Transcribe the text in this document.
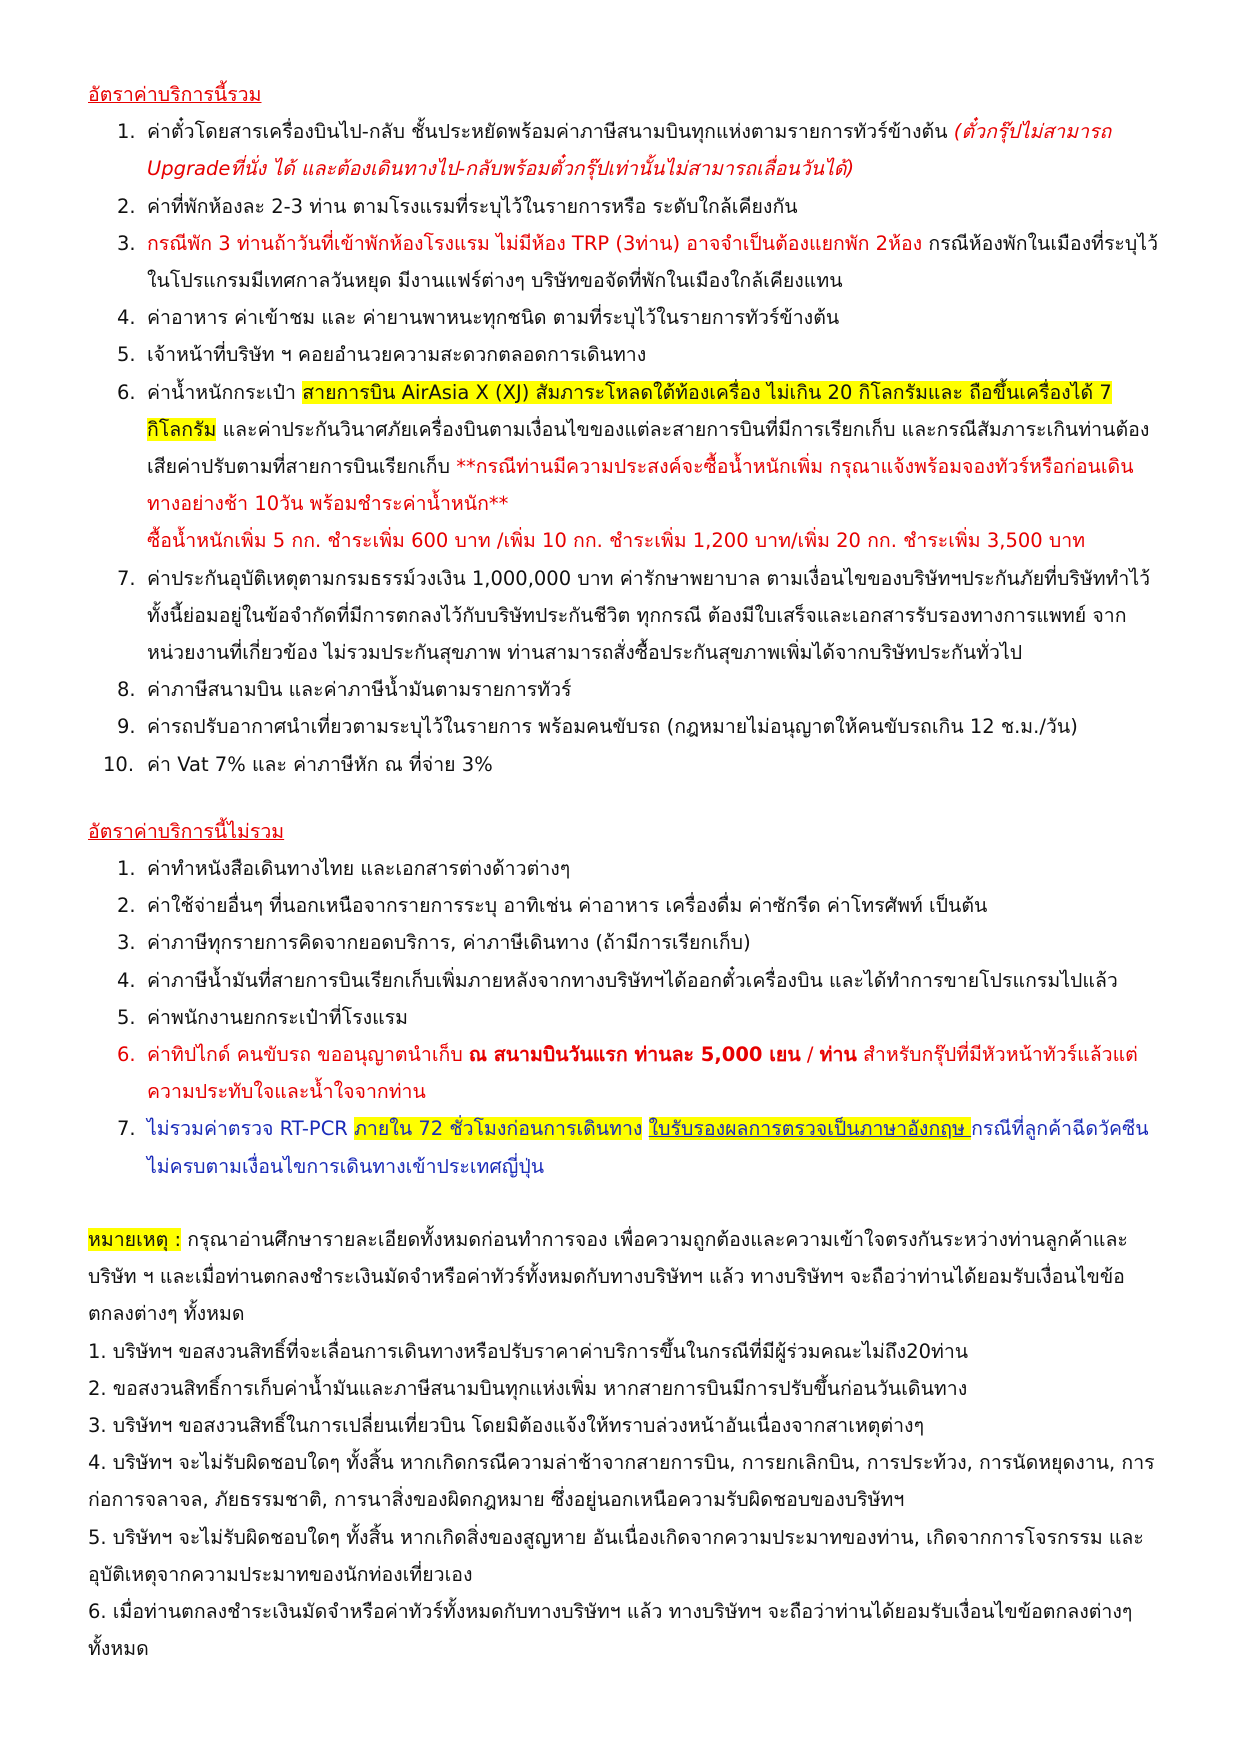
อัตราค่าบริการนี้รวม
1. ค่าตั๋วโดยสารเครื่องบินไป-กลับ ชั้นประหยัดพร้อมค่าภาษีสนามบินทุกแห่งตามรายการทัวร์ข้างต้น (ตั๋วกรุ๊ปไม่สามารถ Upgradeที่นั่ง ได้ และต้องเดินทางไป-กลับพร้อมตั๋วกรุ๊ปเท่านั้นไม่สามารถเลื่อนวันได้)
2. ค่าที่พักห้องละ 2-3 ท่าน ตามโรงแรมที่ระบุไว้ในรายการหรือ ระดับใกล้เคียงกัน
3. กรณีพัก 3 ท่านถ้าวันที่เข้าพักห้องโรงแรม ไม่มีห้อง TRP (3ท่าน) อาจจำเป็นต้องแยกพัก 2ห้อง กรณีห้องพักในเมืองที่ระบุไว้ในโปรแกรมมีเทศกาลวันหยุด มีงานแฟร์ต่างๆ บริษัทขอจัดที่พักในเมืองใกล้เคียงแทน
4. ค่าอาหาร ค่าเข้าชม และ ค่ายานพาหนะทุกชนิด ตามที่ระบุไว้ในรายการทัวร์ข้างต้น
5. เจ้าหน้าที่บริษัท ฯ คอยอำนวยความสะดวกตลอดการเดินทาง
6. ค่าน้ำหนักกระเป๋า สายการบิน AirAsia X (XJ) สัมภาระโหลดใต้ท้องเครื่อง ไม่เกิน 20 กิโลกรัมและ ถือขึ้นเครื่องได้ 7 กิโลกรัม และค่าประกันวินาศภัยเครื่องบินตามเงื่อนไขของแต่ละสายการบินที่มีการเรียกเก็บ และกรณีสัมภาระเกินท่านต้องเสียค่าปรับตามที่สายการบินเรียกเก็บ **กรณีท่านมีความประสงค์จะซื้อน้ำหนักเพิ่ม กรุณาแจ้งพร้อมจองทัวร์หรือก่อนเดินทางอย่างช้า 10วัน พร้อมชำระค่าน้ำหนัก**
ซื้อน้ำหนักเพิ่ม 5 กก. ชำระเพิ่ม 600 บาท /เพิ่ม 10 กก. ชำระเพิ่ม 1,200 บาท/เพิ่ม 20 กก. ชำระเพิ่ม 3,500 บาท
7. ค่าประกันอุบัติเหตุตามกรมธรรม์วงเงิน 1,000,000 บาท ค่ารักษาพยาบาล ตามเงื่อนไขของบริษัทฯประกันภัยที่บริษัททำไว้ ทั้งนี้ย่อมอยู่ในข้อจำกัดที่มีการตกลงไว้กับบริษัทประกันชีวิต ทุกกรณี ต้องมีใบเสร็จและเอกสารรับรองทางการแพทย์ จากหน่วยงานที่เกี่ยวข้อง ไม่รวมประกันสุขภาพ ท่านสามารถสั่งซื้อประกันสุขภาพเพิ่มได้จากบริษัทประกันทั่วไป
8. ค่าภาษีสนามบิน และค่าภาษีน้ำมันตามรายการทัวร์
9. ค่ารถปรับอากาศนำเที่ยวตามระบุไว้ในรายการ พร้อมคนขับรถ (กฎหมายไม่อนุญาตให้คนขับรถเกิน 12 ช.ม./วัน)
10. ค่า Vat 7% และ ค่าภาษีหัก ณ ที่จ่าย 3%
อัตราค่าบริการนี้ไม่รวม
1. ค่าทำหนังสือเดินทางไทย และเอกสารต่างด้าวต่างๆ
2. ค่าใช้จ่ายอื่นๆ ที่นอกเหนือจากรายการระบุ อาทิเช่น ค่าอาหาร เครื่องดื่ม ค่าซักรีด ค่าโทรศัพท์ เป็นต้น
3. ค่าภาษีทุกรายการคิดจากยอดบริการ, ค่าภาษีเดินทาง (ถ้ามีการเรียกเก็บ)
4. ค่าภาษีน้ำมันที่สายการบินเรียกเก็บเพิ่มภายหลังจากทางบริษัทฯได้ออกตั๋วเครื่องบิน และได้ทำการขายโปรแกรมไปแล้ว
5. ค่าพนักงานยกกระเป๋าที่โรงแรม
6. ค่าทิปไกด์ คนขับรถ ขออนุญาตนำเก็บ ณ สนามบินวันแรก ท่านละ 5,000 เยน / ท่าน สำหรับกรุ๊ปที่มีหัวหน้าทัวร์แล้วแต่ความประทับใจและน้ำใจจากท่าน
7. ไม่รวมค่าตรวจ RT-PCR ภายใน 72 ชั่วโมงก่อนการเดินทาง ใบรับรองผลการตรวจเป็นภาษาอังกฤษ กรณีที่ลูกค้าฉีดวัคซีนไม่ครบตามเงื่อนไขการเดินทางเข้าประเทศญี่ปุ่น

หมายเหตุ : กรุณาอ่านศึกษารายละเอียดทั้งหมดก่อนทำการจอง เพื่อความถูกต้องและความเข้าใจตรงกันระหว่างท่านลูกค้าและ บริษัท ฯ และเมื่อท่านตกลงชำระเงินมัดจำหรือค่าทัวร์ทั้งหมดกับทางบริษัทฯ แล้ว ทางบริษัทฯ จะถือว่าท่านได้ยอมรับเงื่อนไขข้อตกลงต่างๆ ทั้งหมด

1. บริษัทฯ ขอสงวนสิทธิ์ที่จะเลื่อนการเดินทางหรือปรับราคาค่าบริการขึ้นในกรณีที่มีผู้ร่วมคณะไม่ถึง20ท่าน

2. ขอสงวนสิทธิ์การเก็บค่าน้ำมันและภาษีสนามบินทุกแห่งเพิ่ม หากสายการบินมีการปรับขึ้นก่อนวันเดินทาง

3. บริษัทฯ ขอสงวนสิทธิ์ในการเปลี่ยนเที่ยวบิน โดยมิต้องแจ้งให้ทราบล่วงหน้าอันเนื่องจากสาเหตุต่างๆ

4. บริษัทฯ จะไม่รับผิดชอบใดๆ ทั้งสิ้น หากเกิดกรณีความล่าช้าจากสายการบิน, การยกเลิกบิน, การประท้วง, การนัดหยุดงาน, การก่อการจลาจล, ภัยธรรมชาติ, การนาสิ่งของผิดกฎหมาย ซึ่งอยู่นอกเหนือความรับผิดชอบของบริษัทฯ

5. บริษัทฯ จะไม่รับผิดชอบใดๆ ทั้งสิ้น หากเกิดสิ่งของสูญหาย อันเนื่องเกิดจากความประมาทของท่าน, เกิดจากการโจรกรรม และ อุบัติเหตุจากความประมาทของนักท่องเที่ยวเอง

6. เมื่อท่านตกลงชำระเงินมัดจำหรือค่าทัวร์ทั้งหมดกับทางบริษัทฯ แล้ว ทางบริษัทฯ จะถือว่าท่านได้ยอมรับเงื่อนไขข้อตกลงต่างๆ ทั้งหมด
